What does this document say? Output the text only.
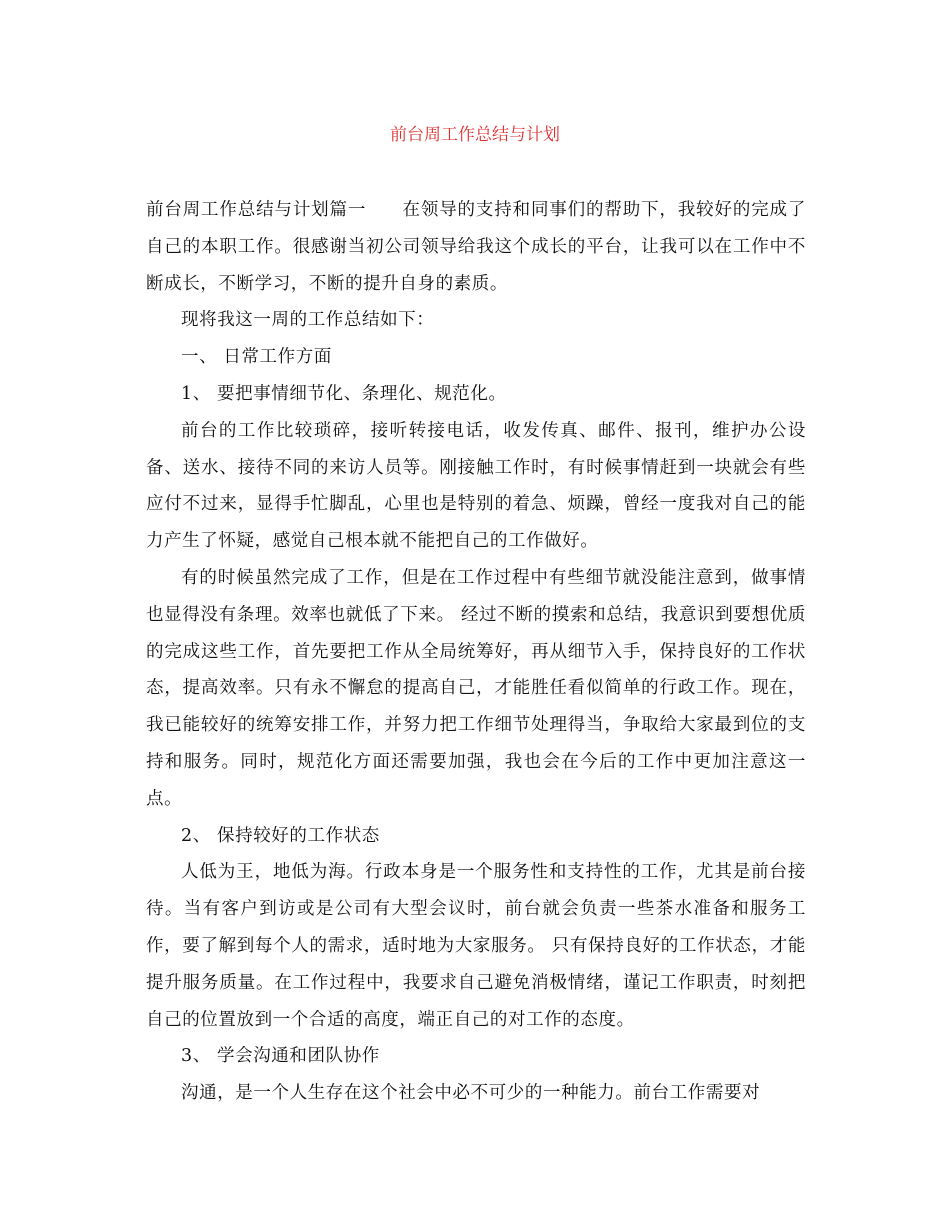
前台周工作总结与计划

前台周工作总结与计划篇一 在领导的支持和同事们的帮助下，我较好的完成了自己的本职工作。很感谢当初公司领导给我这个成长的平台，让我可以在工作中不断成长，不断学习，不断的提升自身的素质。

现将我这一周的工作总结如下：

一、 日常工作方面

1、 要把事情细节化、条理化、规范化。

前台的工作比较琐碎，接听转接电话，收发传真、邮件、报刊，维护办公设备、送水、接待不同的来访人员等。刚接触工作时，有时候事情赶到一块就会有些应付不过来，显得手忙脚乱，心里也是特别的着急、烦躁，曾经一度我对自己的能力产生了怀疑，感觉自己根本就不能把自己的工作做好。

有的时候虽然完成了工作，但是在工作过程中有些细节就没能注意到，做事情也显得没有条理。效率也就低了下来。 经过不断的摸索和总结，我意识到要想优质的完成这些工作，首先要把工作从全局统筹好，再从细节入手，保持良好的工作状态，提高效率。只有永不懈怠的提高自己，才能胜任看似简单的行政工作。现在，我已能较好的统筹安排工作，并努力把工作细节处理得当，争取给大家最到位的支持和服务。同时，规范化方面还需要加强，我也会在今后的工作中更加注意这一点。

2、 保持较好的工作状态

人低为王，地低为海。行政本身是一个服务性和支持性的工作，尤其是前台接待。当有客户到访或是公司有大型会议时，前台就会负责一些茶水准备和服务工作，要了解到每个人的需求，适时地为大家服务。 只有保持良好的工作状态，才能提升服务质量。在工作过程中，我要求自己避免消极情绪，谨记工作职责，时刻把自己的位置放到一个合适的高度，端正自己的对工作的态度。

3、 学会沟通和团队协作

沟通，是一个人生存在这个社会中必不可少的一种能力。前台工作需要对
